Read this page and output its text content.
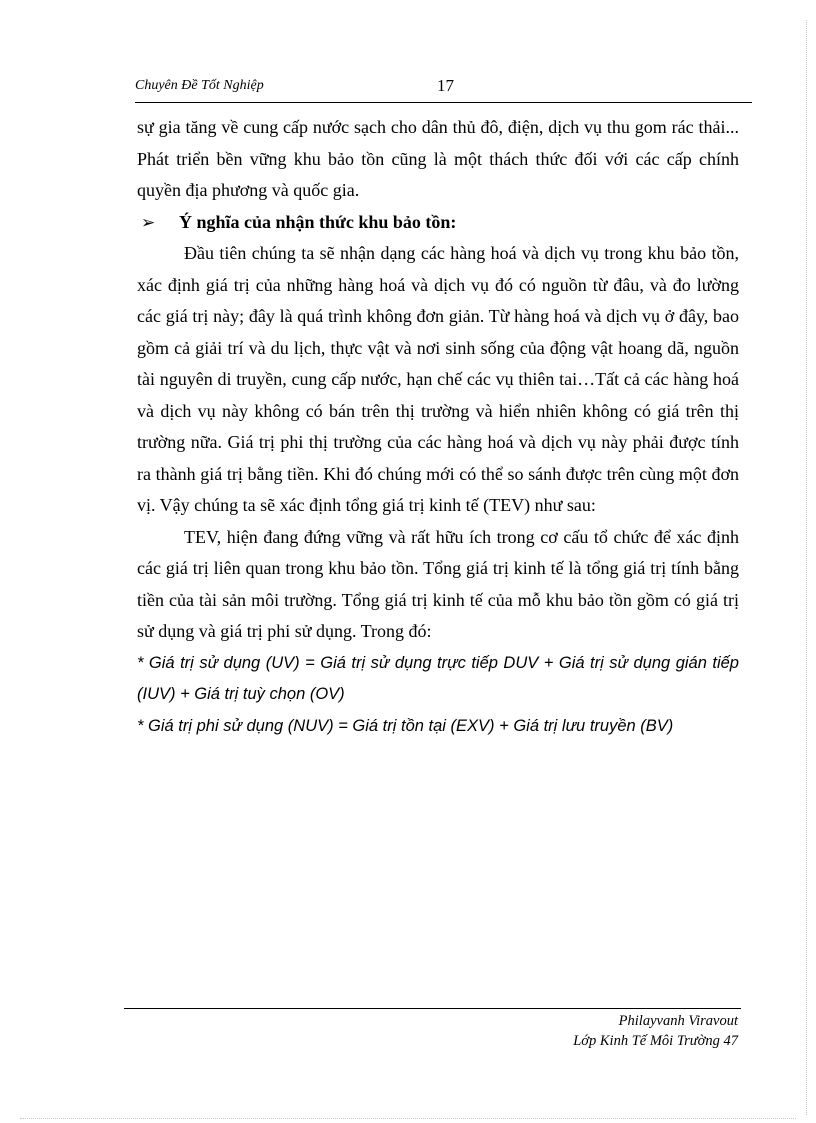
Chuyên Đề Tốt Nghiệp	17

sự gia tăng về cung cấp nước sạch cho dân thủ đô, điện, dịch vụ thu gom rác thải... Phát triển bền vững khu bảo tồn cũng là một thách thức đối với các cấp chính quyền địa phương và quốc gia.

➢	Ý nghĩa của nhận thức khu bảo tồn:

Đầu tiên chúng ta sẽ nhận dạng các hàng hoá và dịch vụ trong khu bảo tồn, xác định giá trị của những hàng hoá và dịch vụ đó có nguồn từ đâu, và đo lường các giá trị này; đây là quá trình không đơn giản. Từ hàng hoá và dịch vụ ở đây, bao gồm cả giải trí và du lịch, thực vật và nơi sinh sống của động vật hoang dã, nguồn tài nguyên di truyền, cung cấp nước, hạn chế các vụ thiên tai…Tất cả các hàng hoá và dịch vụ này không có bán trên thị trường và hiển nhiên không có giá trên thị trường nữa. Giá trị phi thị trường của các hàng hoá và dịch vụ này phải được tính ra thành giá trị bằng tiền. Khi đó chúng mới có thể so sánh được trên cùng một đơn vị. Vậy chúng ta sẽ xác định tổng giá trị kinh tế (TEV) như sau:

TEV, hiện đang đứng vững và rất hữu ích trong cơ cấu tổ chức để xác định các giá trị liên quan trong khu bảo tồn. Tổng giá trị kinh tế là tổng giá trị tính bằng tiền của tài sản môi trường. Tổng giá trị kinh tế của mỗ khu bảo tồn gồm có giá trị sử dụng và giá trị phi sử dụng. Trong đó:

* Giá trị sử dụng (UV) = Giá trị sử dụng trực tiếp DUV + Giá trị sử dụng gián tiếp (IUV) + Giá trị tuỳ chọn (OV)

* Giá trị phi sử dụng (NUV) = Giá trị tồn tại (EXV) + Giá trị lưu truyền (BV)

Philayvanh Viravout
Lớp Kinh Tế Môi Trường 47
